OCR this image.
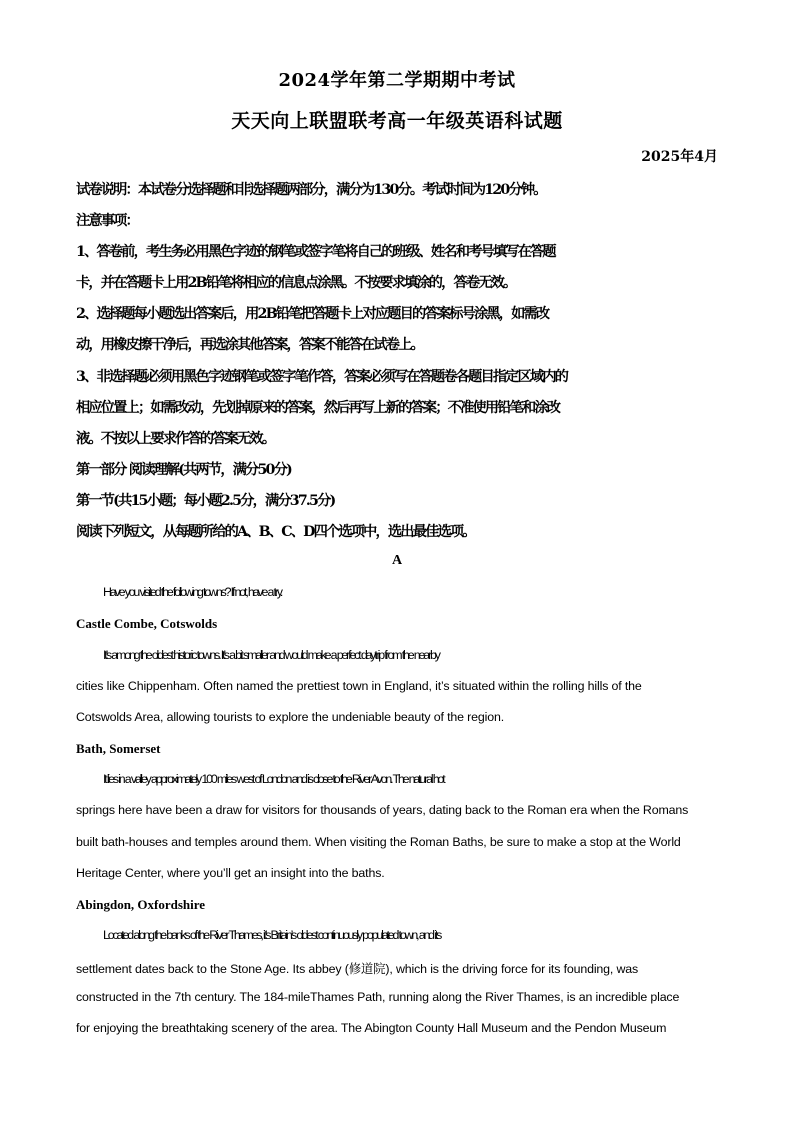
2024学年第二学期期中考试
天天向上联盟联考高一年级英语科试题
2025年4月
试卷说明：本试卷分选择题和非选择题两部分，满分为130分。考试时间为120分钟。
注意事项：
1、答卷前，考生务必用黑色字迹的钢笔或签字笔将自己的班级、姓名和考号填写在答题
卡，并在答题卡上用2B铅笔将相应的信息点涂黑。不按要求填涂的，答卷无效。
2、选择题每小题选出答案后，用2B铅笔把答题卡上对应题目的答案标号涂黑，如需改
动，用橡皮擦干净后，再选涂其他答案，答案不能答在试卷上。
3、非选择题必须用黑色字迹钢笔或签字笔作答，答案必须写在答题卷各题目指定区域内的
相应位置上；如需改动，先划掉原来的答案，然后再写上新的答案；不准使用铅笔和涂改
液。不按以上要求作答的答案无效。
第一部分 阅读理解(共两节，满分50分)
第一节(共15小题；每小题2.5分，满分37.5分)
阅读下列短文，从每题所给的A、B、C、D四个选项中，选出最佳选项。
A
Have you visited the following towns? If not, have a try.
Castle Combe, Cotswolds
It’s among the oldest historic towns. It’s a bit smaller and would make a perfect daytrip from the nearby
cities like Chippenham. Often named the prettiest town in England, it’s situated within the rolling hills of the
Cotswolds Area, allowing tourists to explore the undeniable beauty of the region.
Bath, Somerset
It lies in a valley approximately 100 miles west of London and is close to the River Avon. The natural hot
springs here have been a draw for visitors for thousands of years, dating back to the Roman era when the Romans
built bath-houses and temples around them. When visiting the Roman Baths, be sure to make a stop at the World
Heritage Center, where you’ll get an insight into the baths.
Abingdon, Oxfordshire
Located along the banks of the River Thames, it’s Britain’s oldest continuously populated town, and its
settlement dates back to the Stone Age. Its abbey (修道院), which is the driving force for its founding, was
constructed in the 7th century. The 184-mileThames Path, running along the River Thames, is an incredible place
for enjoying the breathtaking scenery of the area. The Abington County Hall Museum and the Pendon Museum
